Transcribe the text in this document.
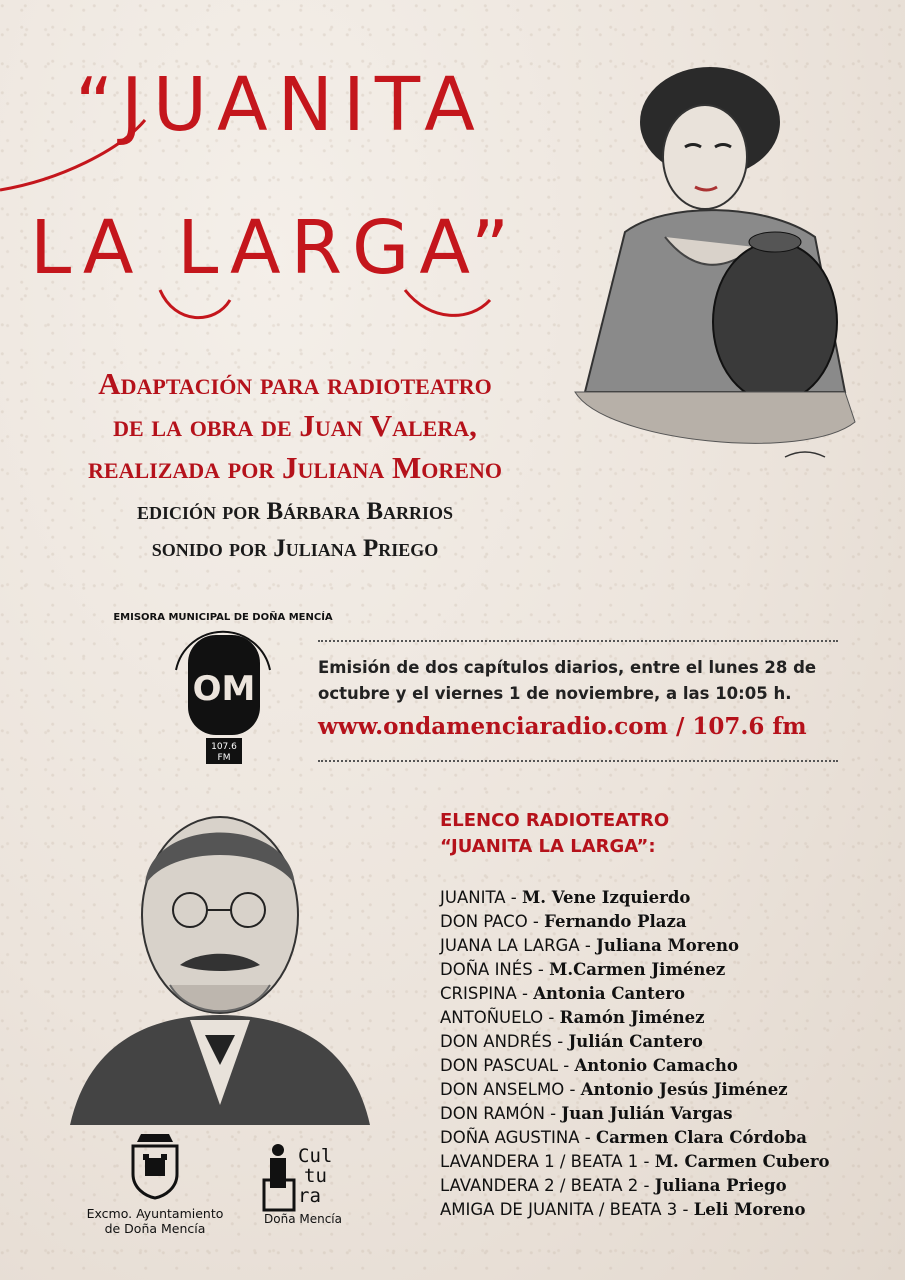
“JUANITA
LA LARGA”
Adaptación para radioteatro
de la obra de Juan Valera,
realizada por Juliana Moreno
edición por Bárbara Barrios
sonido por Juliana Priego
EMISORA MUNICIPAL DE DOÑA MENCÍA
OM
107.6
FM
Emisión de dos capítulos diarios, entre el lunes 28 de octubre y el viernes 1 de noviembre, a las 10:05 h.
www.ondamenciaradio.com / 107.6 fm
ELENCO RADIOTEATRO
“JUANITA LA LARGA”:
JUANITA - M. Vene Izquierdo
DON PACO - Fernando Plaza
JUANA LA LARGA - Juliana Moreno
DOÑA INÉS - M.Carmen Jiménez
CRISPINA - Antonia Cantero
ANTOÑUELO - Ramón Jiménez
DON ANDRÉS - Julián Cantero
DON PASCUAL - Antonio Camacho
DON ANSELMO - Antonio Jesús Jiménez
DON RAMÓN - Juan Julián Vargas
DOÑA AGUSTINA - Carmen Clara Córdoba
LAVANDERA 1 / BEATA 1 - M. Carmen Cubero
LAVANDERA 2 / BEATA 2 - Juliana Priego
AMIGA DE JUANITA / BEATA 3 - Leli Moreno
Excmo. Ayuntamiento
de Doña Mencía
Cul
tu
ra
Doña Mencía
